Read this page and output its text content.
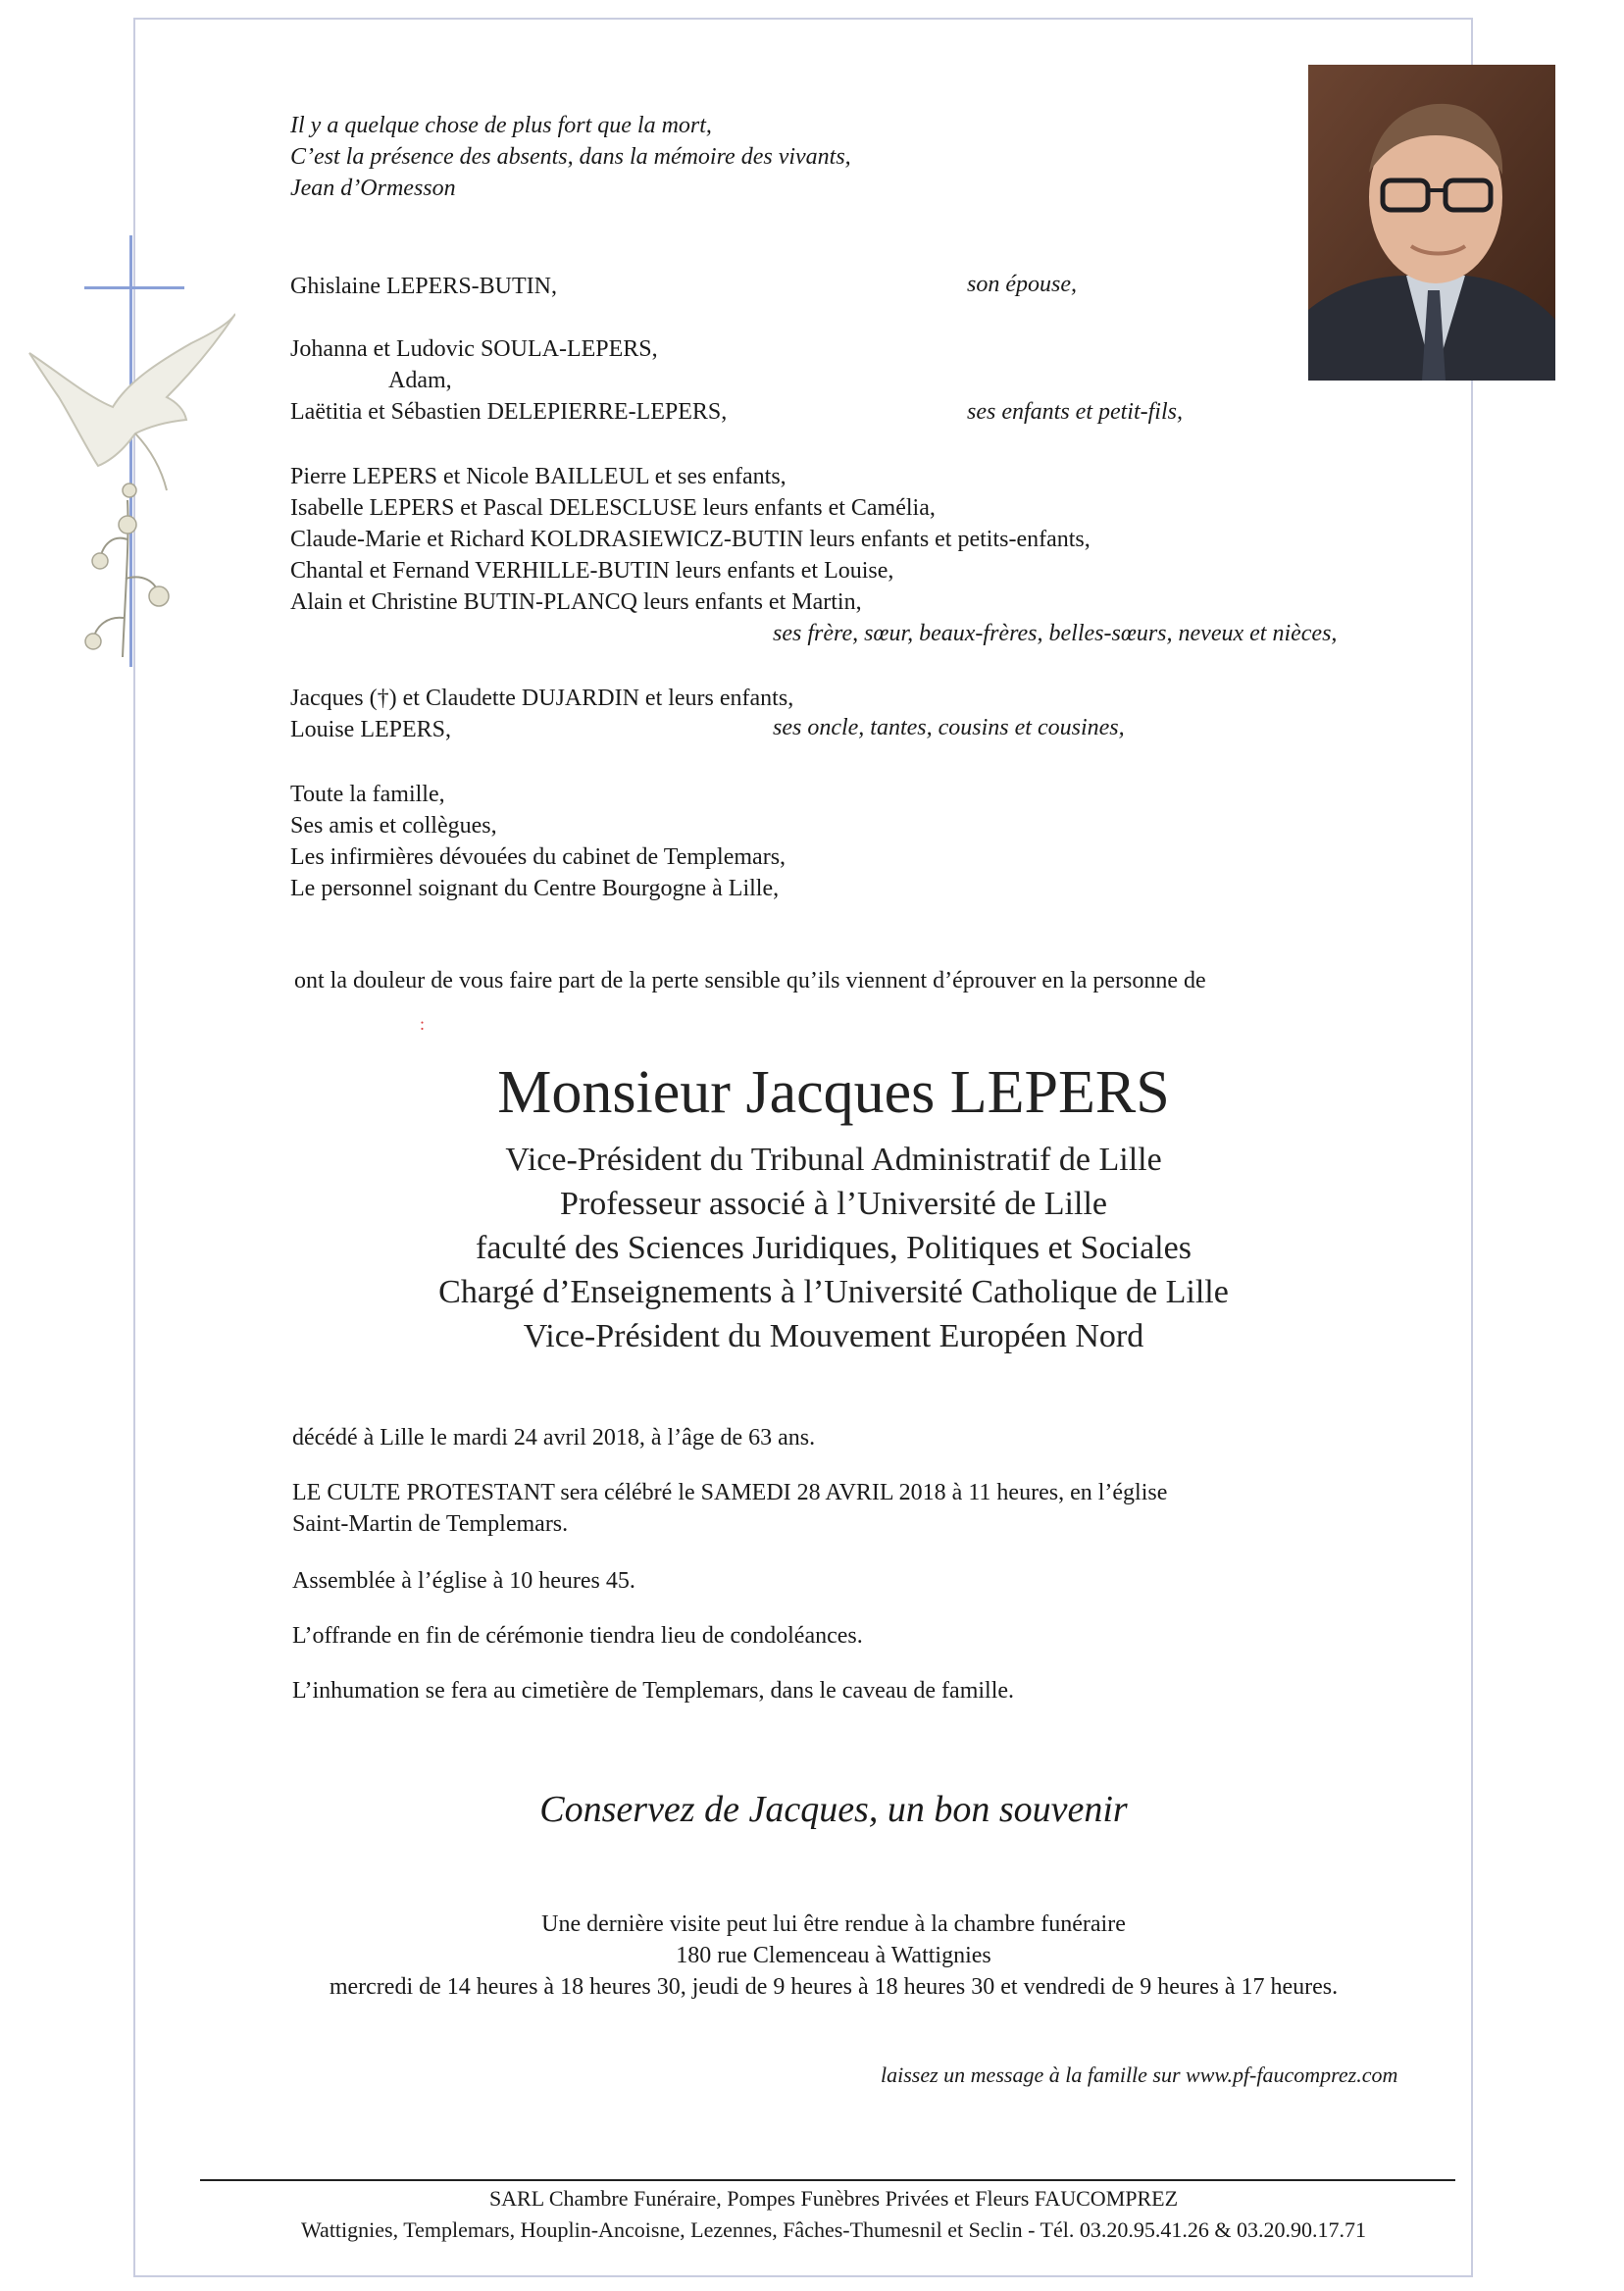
Il y a quelque chose de plus fort que la mort,
C’est la présence des absents, dans la mémoire des vivants,
Jean d’Ormesson
Ghislaine LEPERS-BUTIN,	son épouse,
Johanna et Ludovic SOULA-LEPERS,
Adam,
Laëtitia et Sébastien DELEPIERRE-LEPERS,	ses enfants et petit-fils,
Pierre LEPERS et Nicole BAILLEUL et ses enfants,
Isabelle LEPERS et Pascal DELESCLUSE leurs enfants et Camélia,
Claude-Marie et Richard KOLDRASIEWICZ-BUTIN leurs enfants et petits-enfants,
Chantal et Fernand VERHILLE-BUTIN leurs enfants et Louise,
Alain et Christine BUTIN-PLANCQ leurs enfants et Martin,
ses frère, sœur, beaux-frères, belles-sœurs, neveux et nièces,
Jacques (†) et Claudette DUJARDIN et leurs enfants,
Louise LEPERS,	ses oncle, tantes, cousins et cousines,
Toute la famille,
Ses amis et collègues,
Les infirmières dévouées du cabinet de Templemars,
Le personnel soignant du Centre Bourgogne à Lille,
ont la douleur de vous faire part de la perte sensible qu’ils viennent d’éprouver en la personne de
:
Monsieur Jacques LEPERS
Vice-Président du Tribunal Administratif de Lille
Professeur associé à l’Université de Lille
faculté des Sciences Juridiques, Politiques et Sociales
Chargé d’Enseignements à l’Université Catholique de Lille
Vice-Président du Mouvement Européen Nord
décédé à Lille le mardi 24 avril 2018, à l’âge de 63 ans.
LE CULTE PROTESTANT sera célébré le SAMEDI 28 AVRIL 2018 à 11 heures, en l’église
Saint-Martin de Templemars.
Assemblée à l’église à 10 heures 45.
L’offrande en fin de cérémonie tiendra lieu de condoléances.
L’inhumation se fera au cimetière de Templemars, dans le caveau de famille.
Conservez de Jacques, un bon souvenir
Une dernière visite peut lui être rendue à la chambre funéraire
180 rue Clemenceau à Wattignies
mercredi de 14 heures à 18 heures 30, jeudi de 9 heures à 18 heures 30 et vendredi de 9 heures à 17 heures.
laissez un message à la famille sur www.pf-faucomprez.com
SARL Chambre Funéraire, Pompes Funèbres Privées et Fleurs FAUCOMPREZ
Wattignies, Templemars, Houplin-Ancoisne, Lezennes, Fâches-Thumesnil et Seclin - Tél. 03.20.95.41.26 & 03.20.90.17.71
